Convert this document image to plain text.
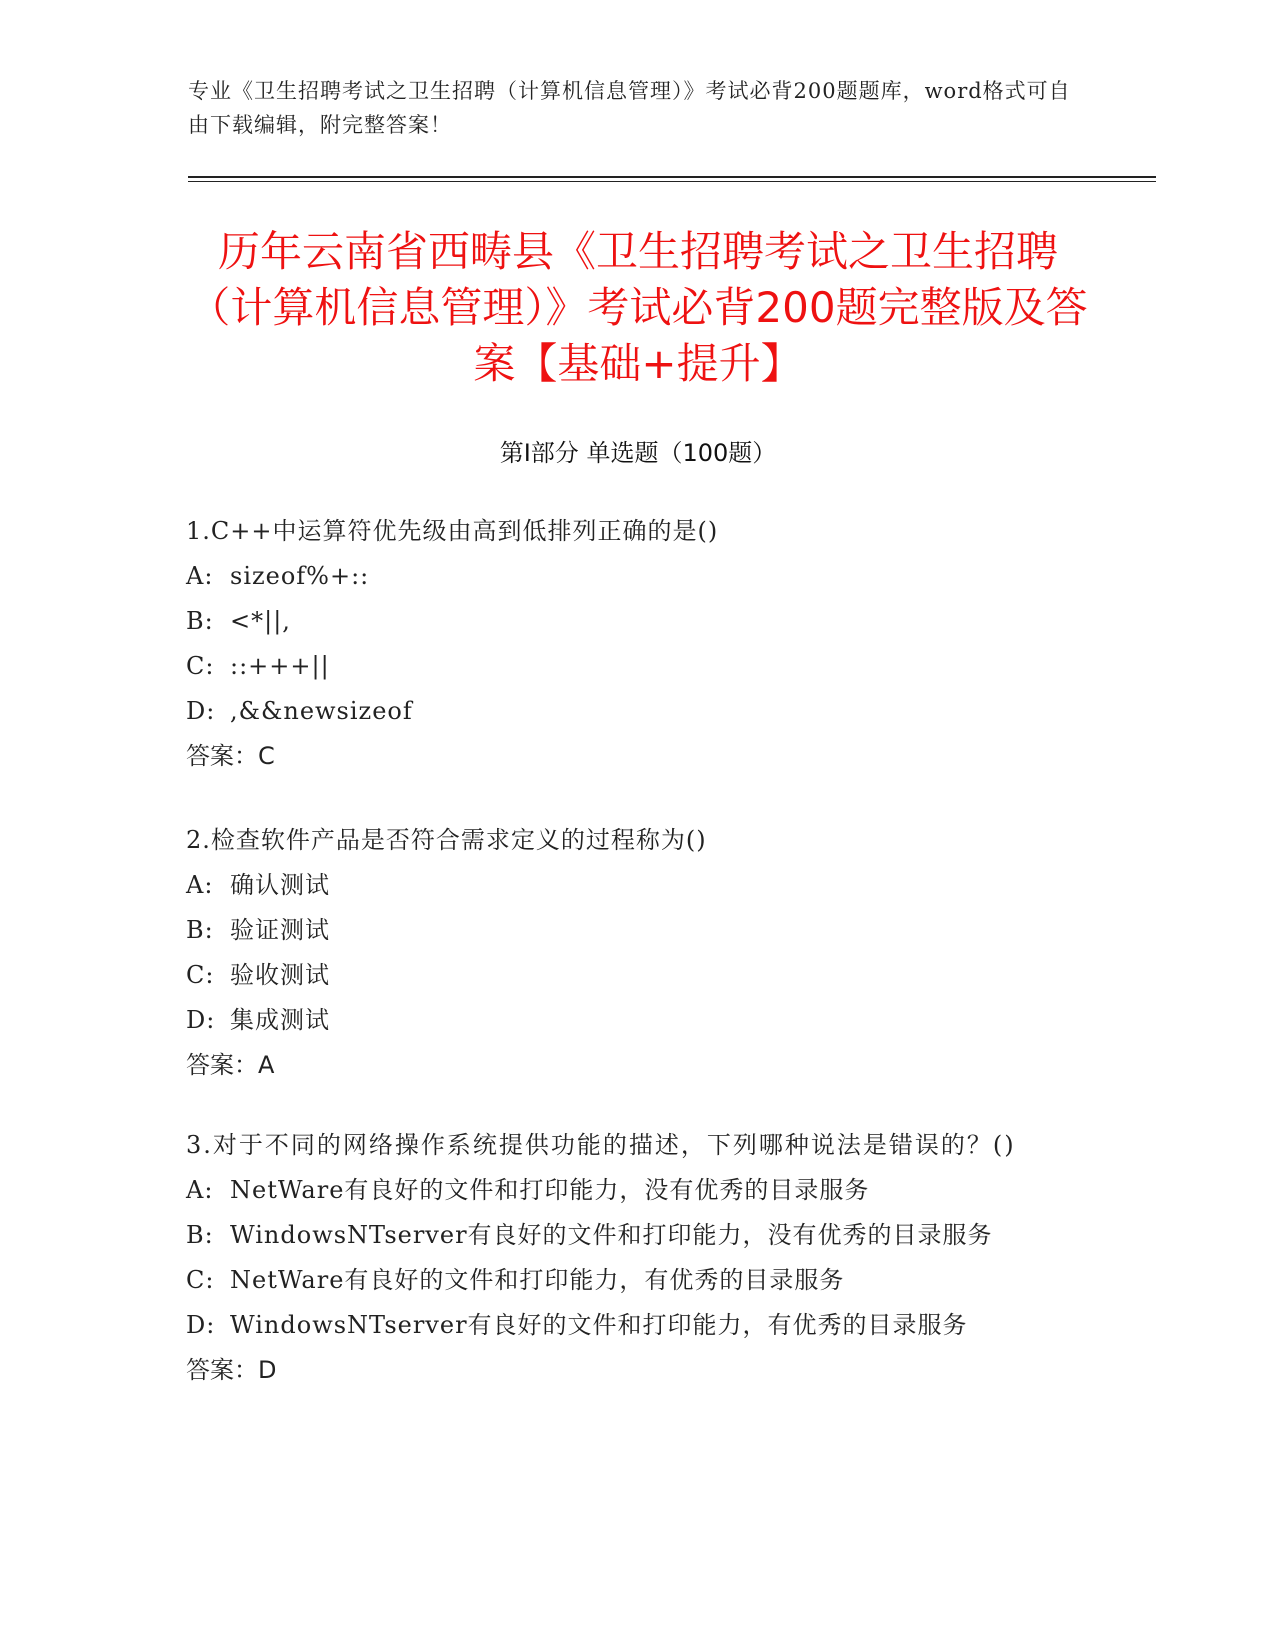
专业《卫生招聘考试之卫生招聘（计算机信息管理）》考试必背200题题库，word格式可自由下载编辑，附完整答案！
历年云南省西畴县《卫生招聘考试之卫生招聘（计算机信息管理）》考试必背200题完整版及答案【基础+提升】
第Ⅰ部分 单选题（100题）
1.C++中运算符优先级由高到低排列正确的是()
A: sizeof%+::
B: <*||,
C: ::+++||
D: ,&&newsizeof
答案：C
2.检查软件产品是否符合需求定义的过程称为()
A: 确认测试
B: 验证测试
C: 验收测试
D: 集成测试
答案：A
3.对于不同的网络操作系统提供功能的描述，下列哪种说法是错误的？()
A: NetWare有良好的文件和打印能力，没有优秀的目录服务
B: WindowsNTserver有良好的文件和打印能力，没有优秀的目录服务
C: NetWare有良好的文件和打印能力，有优秀的目录服务
D: WindowsNTserver有良好的文件和打印能力，有优秀的目录服务
答案：D
